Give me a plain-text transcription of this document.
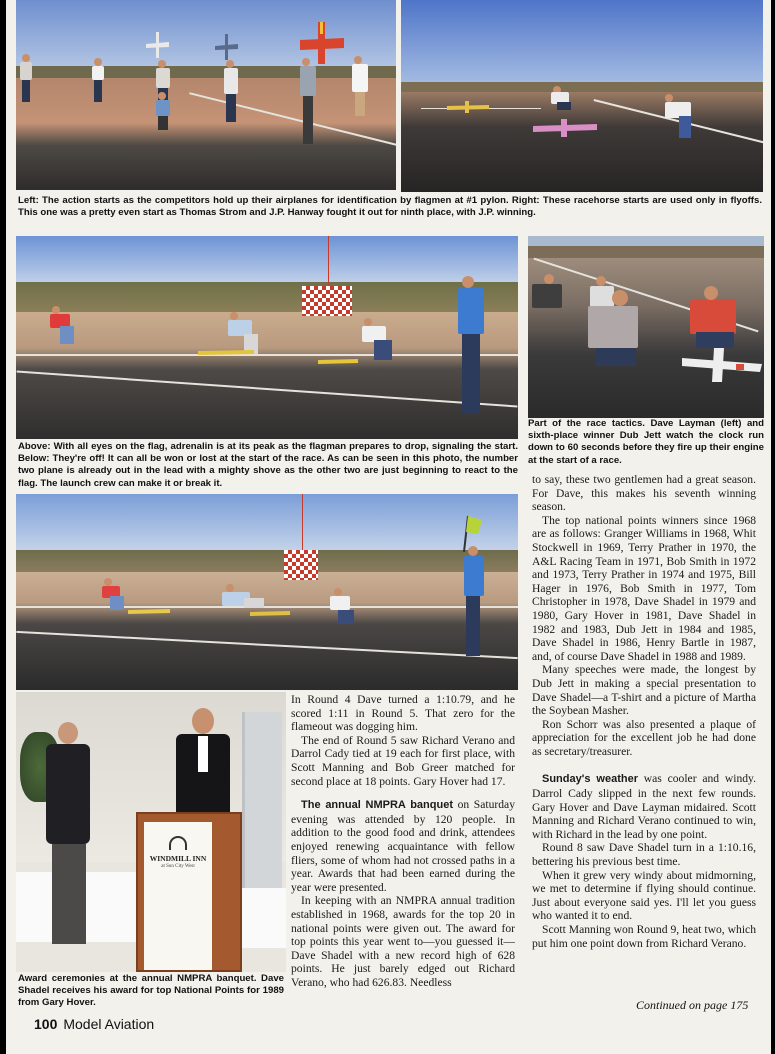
Left: The action starts as the competitors hold up their airplanes for identification by flagmen at #1 pylon. Right: These racehorse starts are used only in flyoffs. This one was a pretty even start as Thomas Strom and J.P. Hanway fought it out for ninth place, with J.P. winning.
Part of the race tactics. Dave Layman (left) and sixth-place winner Dub Jett watch the clock run down to 60 seconds before they fire up their engine at the start of a race.
Above: With all eyes on the flag, adrenalin is at its peak as the flagman prepares to drop, signaling the start. Below: They're off! It can all be won or lost at the start of the race. As can be seen in this photo, the number two plane is already out in the lead with a mighty shove as the other two are just beginning to react to the flag. The launch crew can make it or break it.
WINDMILL INN
at Sun City West
Award ceremonies at the annual NMPRA banquet. Dave Shadel receives his award for top National Points for 1989 from Gary Hover.

In Round 4 Dave turned a 1:10.79, and he scored 1:11 in Round 5. That zero for the flameout was dogging him.

The end of Round 5 saw Richard Verano and Darrol Cady tied at 19 each for first place, with Scott Manning and Bob Greer matched for second place at 18 points. Gary Hover had 17.

The annual NMPRA banquet on Saturday evening was attended by 120 people. In addition to the good food and drink, attendees enjoyed renewing acquaintance with fellow fliers, some of whom had not crossed paths in a year. Awards that had been earned during the year were presented.

In keeping with an NMPRA annual tradition established in 1968, awards for the top 20 in national points were given out. The award for top points this year went to—you guessed it—Dave Shadel with a new record high of 628 points. He just barely edged out Richard Verano, who had 626.83. Needless

to say, these two gentlemen had a great season. For Dave, this makes his seventh winning season.

The top national points winners since 1968 are as follows: Granger Williams in 1968, Whit Stockwell in 1969, Terry Prather in 1970, the A&L Racing Team in 1971, Bob Smith in 1972 and 1973, Terry Prather in 1974 and 1975, Bill Hager in 1976, Bob Smith in 1977, Tom Christopher in 1978, Dave Shadel in 1979 and 1980, Gary Hover in 1981, Dave Shadel in 1982 and 1983, Dub Jett in 1984 and 1985, Dave Shadel in 1986, Henry Bartle in 1987, and, of course Dave Shadel in 1988 and 1989.

Many speeches were made, the longest by Dub Jett in making a special presentation to Dave Shadel—a T-shirt and a picture of Martha the Soybean Masher.

Ron Schorr was also presented a plaque of appreciation for the excellent job he had done as secretary/treasurer.

Sunday's weather was cooler and windy. Darrol Cady slipped in the next few rounds. Gary Hover and Dave Layman midaired. Scott Manning and Richard Verano continued to win, with Richard in the lead by one point.

Round 8 saw Dave Shadel turn in a 1:10.16, bettering his previous best time.

When it grew very windy about midmorning, we met to determine if flying should continue. Just about everyone said yes. I'll let you guess who wanted it to end.

Scott Manning won Round 9, heat two, which put him one point down from Richard Verano.

Continued on page 175
100 Model Aviation
